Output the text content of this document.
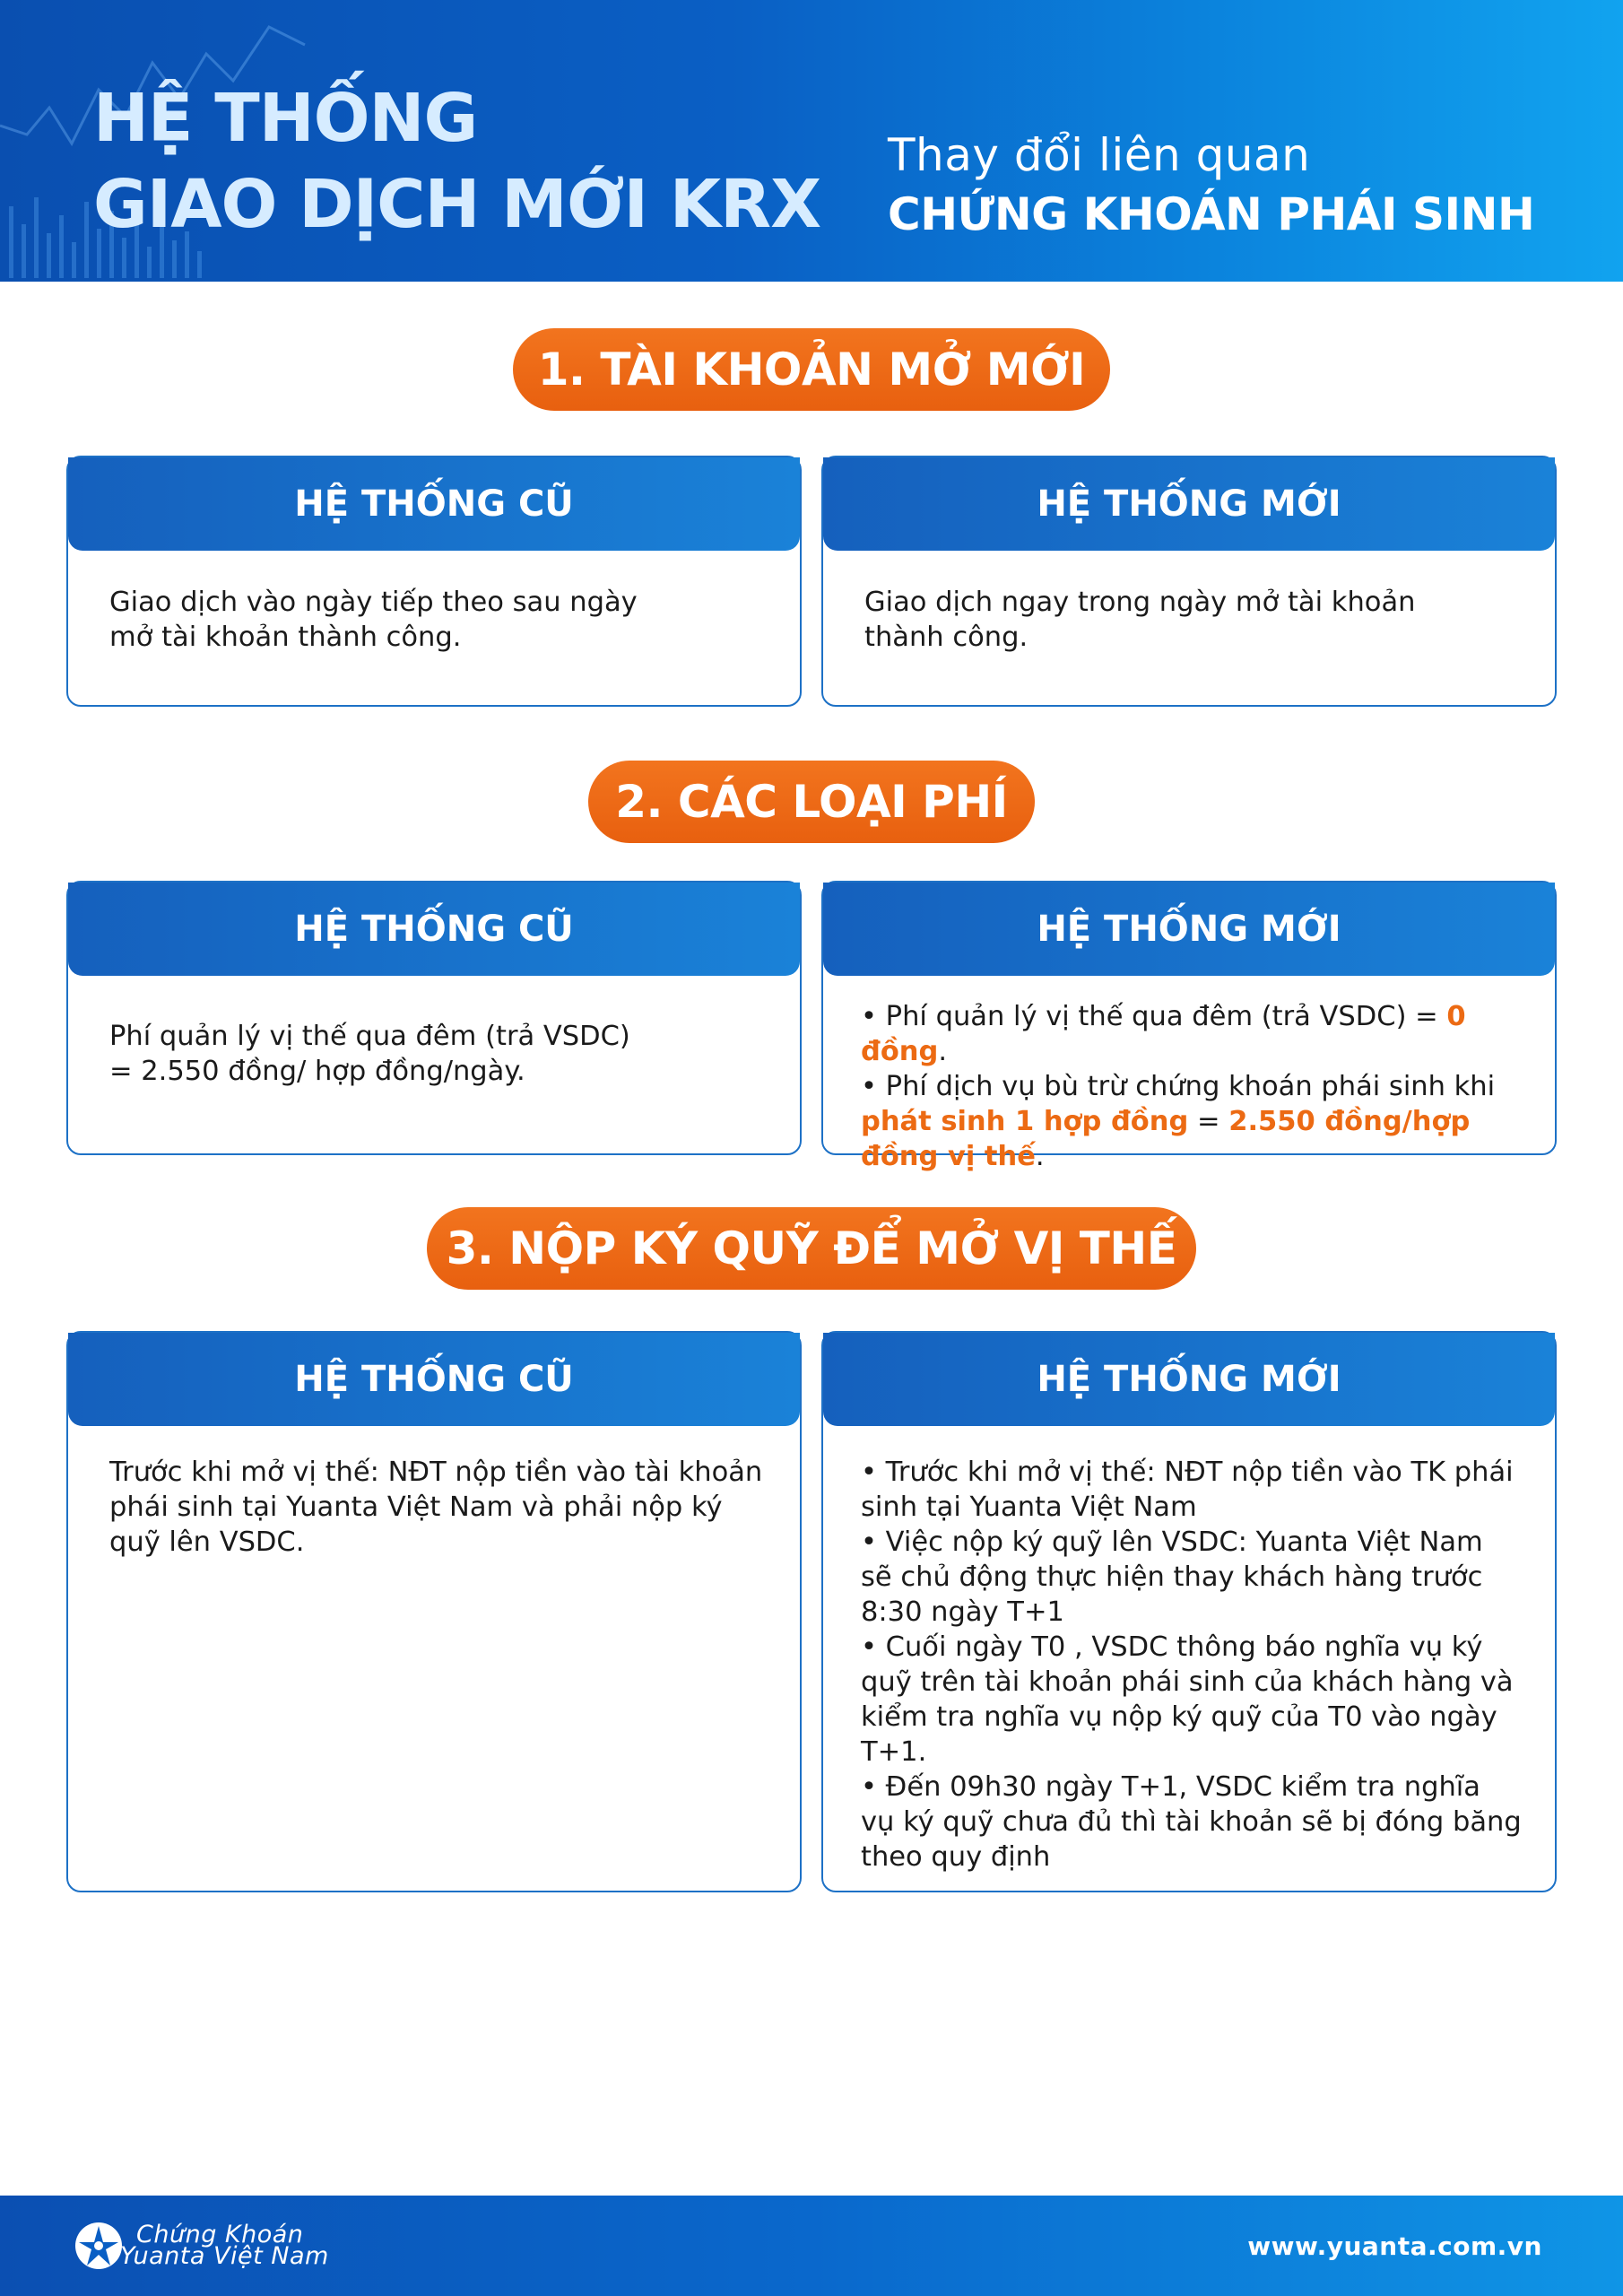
HỆ THỐNG
GIAO DỊCH MỚI KRX
Thay đổi liên quan
CHỨNG KHOÁN PHÁI SINH
1. TÀI KHOẢN MỞ MỚI
HỆ THỐNG CŨ

Giao dịch vào ngày tiếp theo sau ngày mở tài khoản thành công.

HỆ THỐNG MỚI

Giao dịch ngay trong ngày mở tài khoản thành công.

2. CÁC LOẠI PHÍ
HỆ THỐNG CŨ

Phí quản lý vị thế qua đêm (trả VSDC)

= 2.550 đồng/ hợp đồng/ngày.

HỆ THỐNG MỚI

• Phí quản lý vị thế qua đêm (trả VSDC) = 0 đồng.

• Phí dịch vụ bù trừ chứng khoán phái sinh khi phát sinh 1 hợp đồng = 2.550 đồng/hợp đồng vị thế.

3. NỘP KÝ QUỸ ĐỂ MỞ VỊ THẾ
HỆ THỐNG CŨ

Trước khi mở vị thế: NĐT nộp tiền vào tài khoản phái sinh tại Yuanta Việt Nam và phải nộp ký quỹ lên VSDC.

HỆ THỐNG MỚI

• Trước khi mở vị thế: NĐT nộp tiền vào TK phái sinh tại Yuanta Việt Nam

• Việc nộp ký quỹ lên VSDC: Yuanta Việt Nam sẽ chủ động thực hiện thay khách hàng trước 8:30 ngày T+1

• Cuối ngày T0 , VSDC thông báo nghĩa vụ ký quỹ trên tài khoản phái sinh của khách hàng và kiểm tra nghĩa vụ nộp ký quỹ của T0 vào ngày T+1.

• Đến 09h30 ngày T+1, VSDC kiểm tra nghĩa vụ ký quỹ chưa đủ thì tài khoản sẽ bị đóng băng theo quy định

Chứng Khoán
Yuanta Việt Nam	www.yuanta.com.vn
